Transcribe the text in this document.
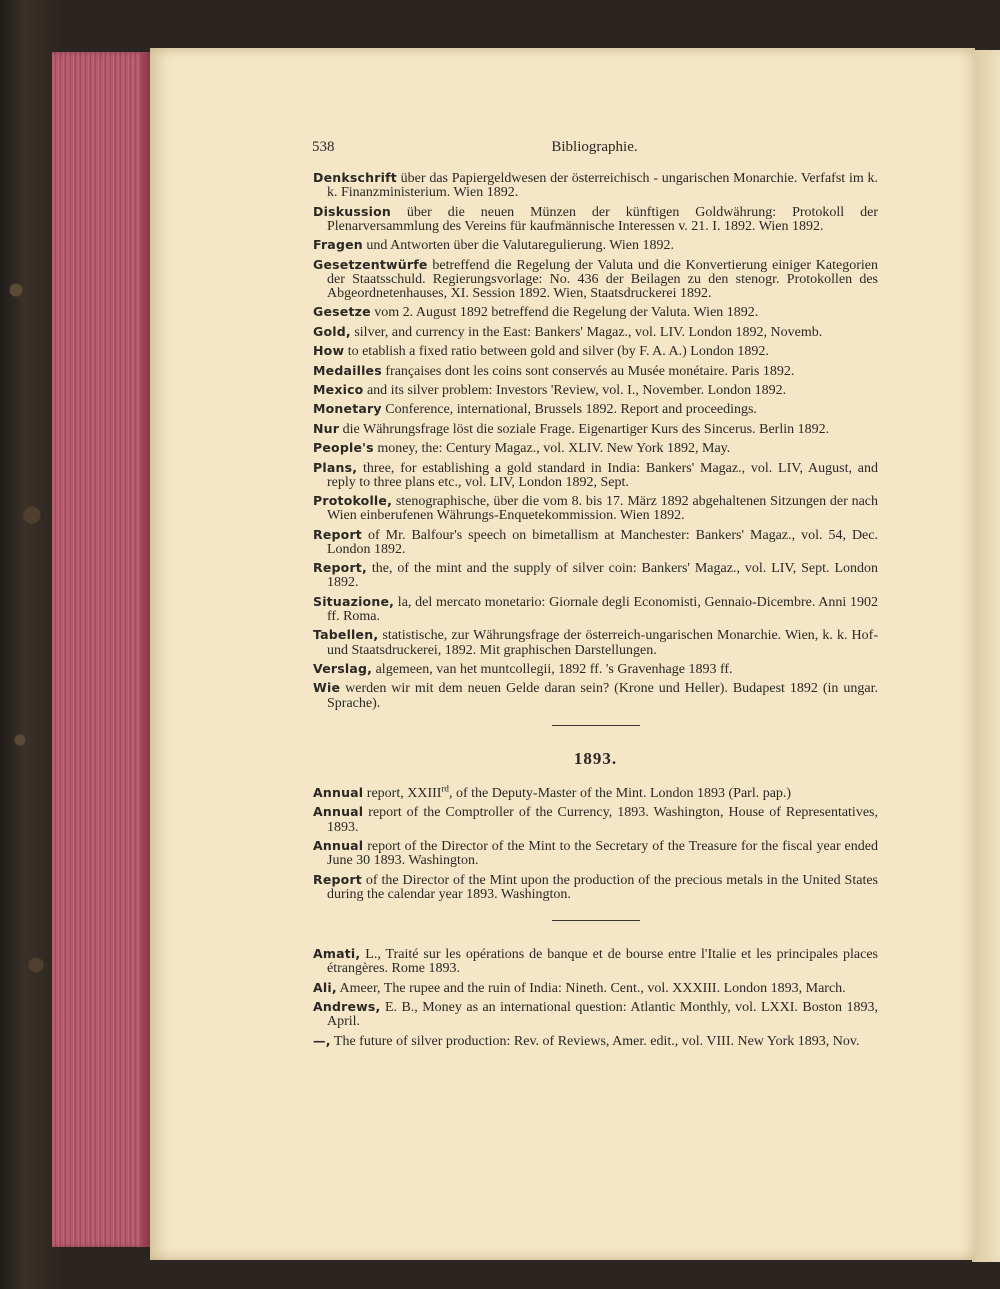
538	Bibliographie.
Denkschrift über das Papiergeldwesen der österreichisch - ungarischen Monarchie. Verfafst im k. k. Finanzministerium. Wien 1892.
Diskussion über die neuen Münzen der künftigen Goldwährung: Protokoll der Plenarversammlung des Vereins für kaufmännische Interessen v. 21. I. 1892. Wien 1892.
Fragen und Antworten über die Valutaregulierung. Wien 1892.
Gesetzentwürfe betreffend die Regelung der Valuta und die Konvertierung einiger Kategorien der Staatsschuld. Regierungsvorlage: No. 436 der Beilagen zu den stenogr. Protokollen des Abgeordnetenhauses, XI. Session 1892. Wien, Staatsdruckerei 1892.
Gesetze vom 2. August 1892 betreffend die Regelung der Valuta. Wien 1892.
Gold, silver, and currency in the East: Bankers' Magaz., vol. LIV. London 1892, Novemb.
How to etablish a fixed ratio between gold and silver (by F. A. A.) London 1892.
Medailles françaises dont les coins sont conservés au Musée monétaire. Paris 1892.
Mexico and its silver problem: Investors 'Review, vol. I., November. London 1892.
Monetary Conference, international, Brussels 1892. Report and proceedings.
Nur die Währungsfrage löst die soziale Frage. Eigenartiger Kurs des Sincerus. Berlin 1892.
People's money, the: Century Magaz., vol. XLIV. New York 1892, May.
Plans, three, for establishing a gold standard in India: Bankers' Magaz., vol. LIV, August, and reply to three plans etc., vol. LIV, London 1892, Sept.
Protokolle, stenographische, über die vom 8. bis 17. März 1892 abgehaltenen Sitzungen der nach Wien einberufenen Währungs-Enquetekommission. Wien 1892.
Report of Mr. Balfour's speech on bimetallism at Manchester: Bankers' Magaz., vol. 54, Dec. London 1892.
Report, the, of the mint and the supply of silver coin: Bankers' Magaz., vol. LIV, Sept. London 1892.
Situazione, la, del mercato monetario: Giornale degli Economisti, Gennaio-Dicembre. Anni 1902 ff. Roma.
Tabellen, statistische, zur Währungsfrage der österreich-ungarischen Monarchie. Wien, k. k. Hof- und Staatsdruckerei, 1892. Mit graphischen Darstellungen.
Verslag, algemeen, van het muntcollegii, 1892 ff. 's Gravenhage 1893 ff.
Wie werden wir mit dem neuen Gelde daran sein? (Krone und Heller). Budapest 1892 (in ungar. Sprache).
1893.
Annual report, XXIIIrd, of the Deputy-Master of the Mint. London 1893 (Parl. pap.)
Annual report of the Comptroller of the Currency, 1893. Washington, House of Representatives, 1893.
Annual report of the Director of the Mint to the Secretary of the Treasure for the fiscal year ended June 30 1893. Washington.
Report of the Director of the Mint upon the production of the precious metals in the United States during the calendar year 1893. Washington.
Amati, L., Traité sur les opérations de banque et de bourse entre l'Italie et les principales places étrangères. Rome 1893.
Ali, Ameer, The rupee and the ruin of India: Nineth. Cent., vol. XXXIII. London 1893, March.
Andrews, E. B., Money as an international question: Atlantic Monthly, vol. LXXI. Boston 1893, April.
—, The future of silver production: Rev. of Reviews, Amer. edit., vol. VIII. New York 1893, Nov.
